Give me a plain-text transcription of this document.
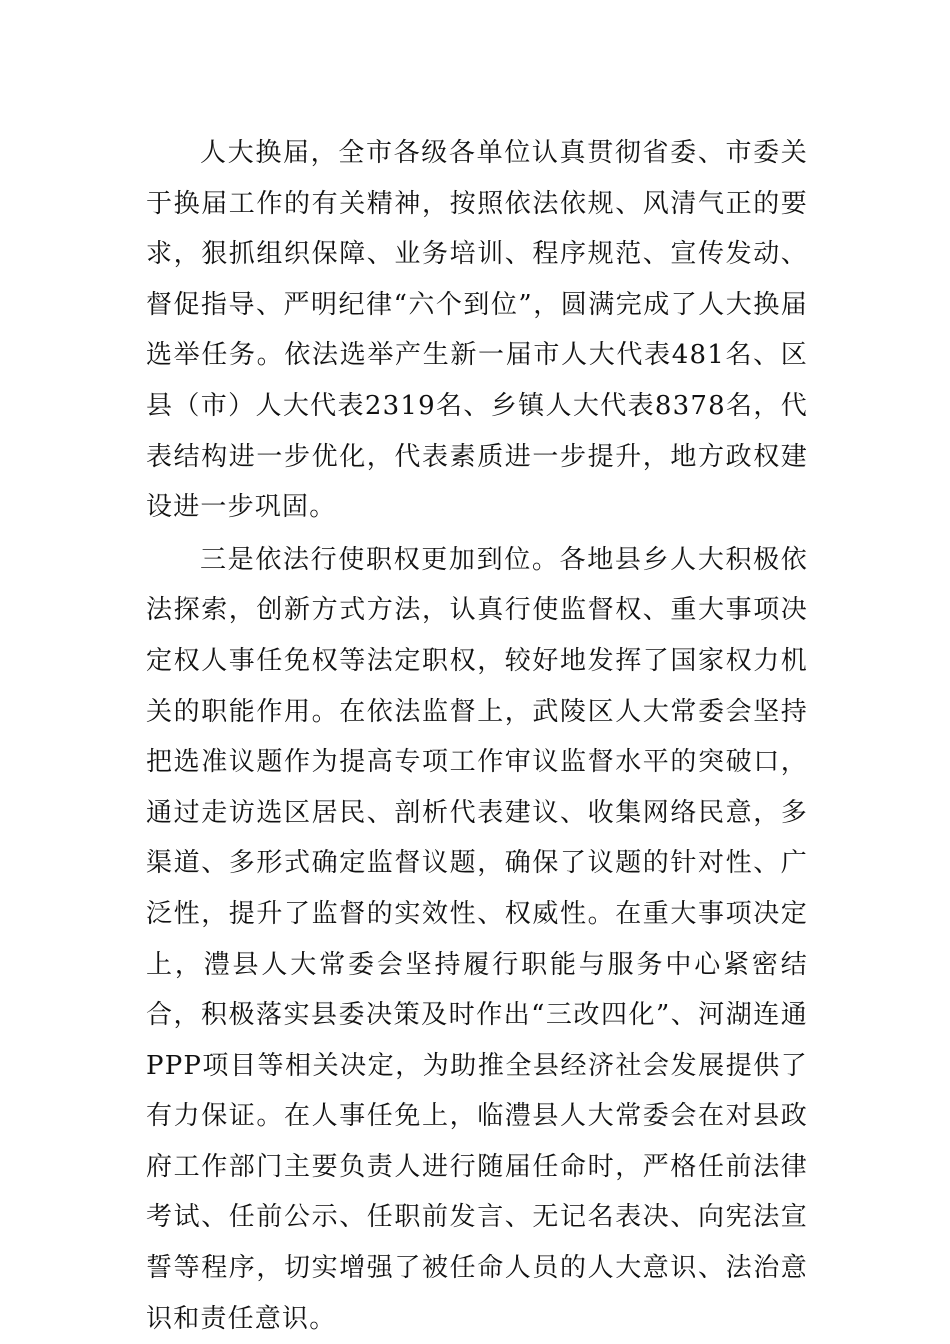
人大换届，全市各级各单位认真贯彻省委、市委关于换届工作的有关精神，按照依法依规、风清气正的要求，狠抓组织保障、业务培训、程序规范、宣传发动、督促指导、严明纪律“六个到位”，圆满完成了人大换届选举任务。依法选举产生新一届市人大代表481名、区县（市）人大代表2319名、乡镇人大代表8378名，代表结构进一步优化，代表素质进一步提升，地方政权建设进一步巩固。

三是依法行使职权更加到位。各地县乡人大积极依法探索，创新方式方法，认真行使监督权、重大事项决定权人事任免权等法定职权，较好地发挥了国家权力机关的职能作用。在依法监督上，武陵区人大常委会坚持把选准议题作为提高专项工作审议监督水平的突破口，通过走访选区居民、剖析代表建议、收集网络民意，多渠道、多形式确定监督议题，确保了议题的针对性、广泛性，提升了监督的实效性、权威性。在重大事项决定上，澧县人大常委会坚持履行职能与服务中心紧密结合，积极落实县委决策及时作出“三改四化”、河湖连通PPP项目等相关决定，为助推全县经济社会发展提供了有力保证。在人事任免上，临澧县人大常委会在对县政府工作部门主要负责人进行随届任命时，严格任前法律考试、任前公示、任职前发言、无记名表决、向宪法宣誓等程序，切实增强了被任命人员的人大意识、法治意识和责任意识。
